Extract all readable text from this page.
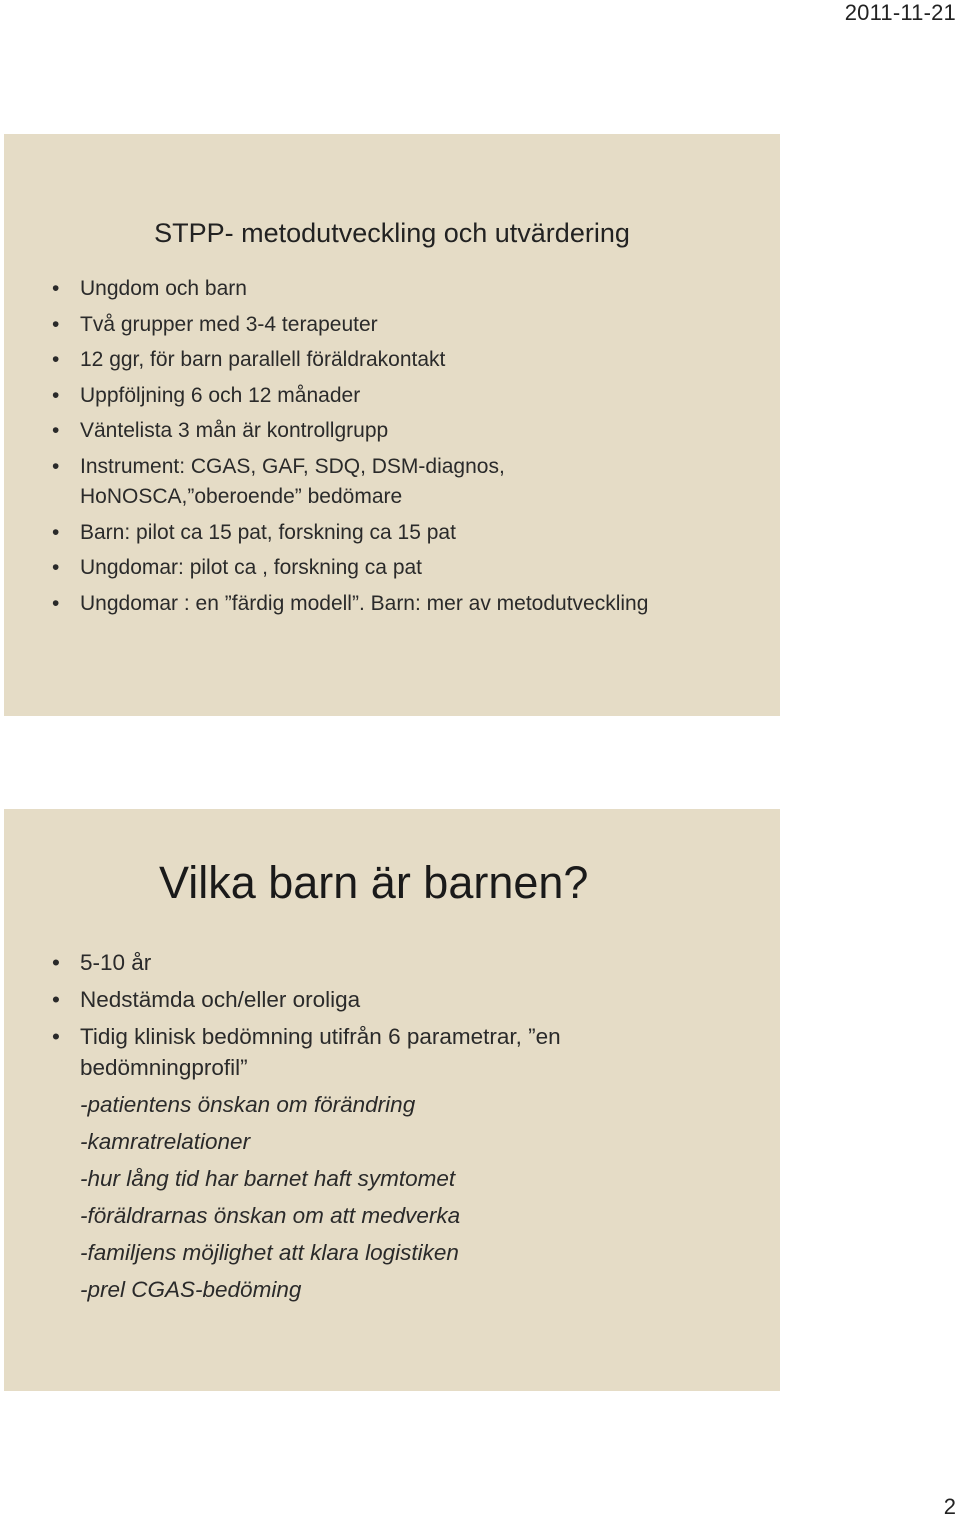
2011-11-21
STPP- metodutveckling och utvärdering
• Ungdom och barn
• Två grupper med 3-4 terapeuter
• 12 ggr, för barn parallell föräldrakontakt
• Uppföljning 6 och 12 månader
• Väntelista 3 mån är kontrollgrupp
• Instrument: CGAS, GAF, SDQ, DSM-diagnos,
HoNOSCA,”oberoende” bedömare
• Barn: pilot ca 15 pat, forskning ca 15 pat
• Ungdomar: pilot ca , forskning ca pat
• Ungdomar : en ”färdig modell”. Barn: mer av metodutveckling
Vilka barn är barnen?
• 5-10 år
• Nedstämda och/eller oroliga
• Tidig klinisk bedömning utifrån 6 parametrar, ”en
bedömningprofil”
-patientens önskan om förändring
-kamratrelationer
-hur lång tid har barnet haft symtomet
-föräldrarnas önskan om att medverka
-familjens möjlighet att klara logistiken
-prel CGAS-bedöming
2
